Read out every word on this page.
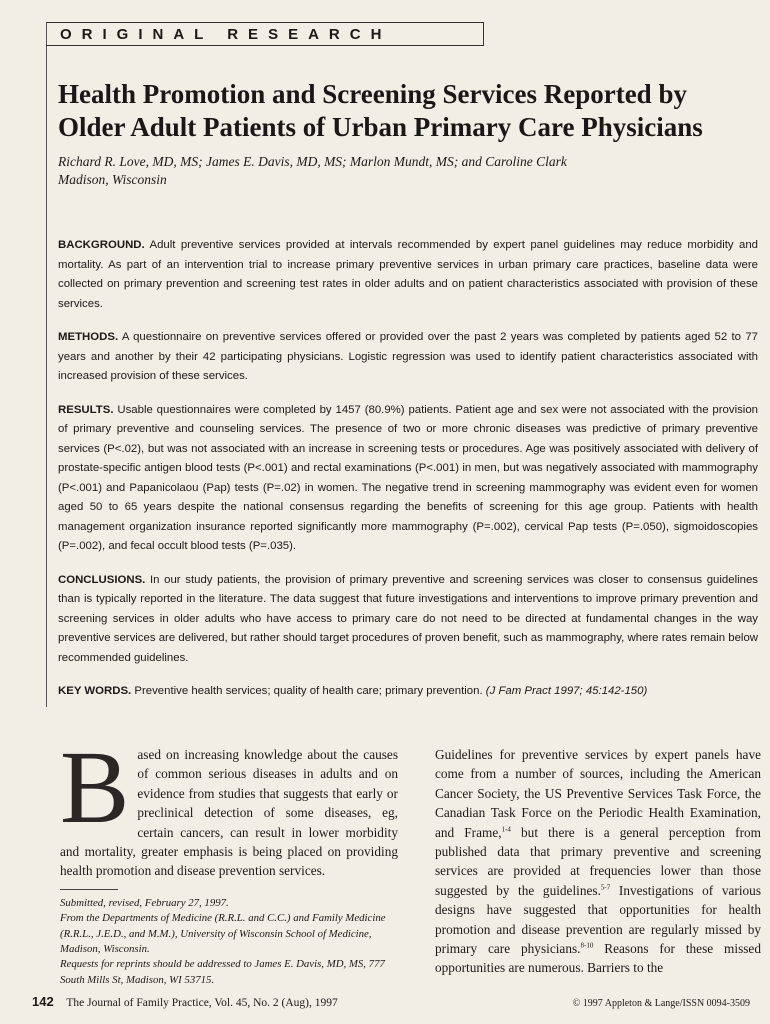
ORIGINAL RESEARCH
Health Promotion and Screening Services Reported by Older Adult Patients of Urban Primary Care Physicians
Richard R. Love, MD, MS; James E. Davis, MD, MS; Marlon Mundt, MS; and Caroline Clark
Madison, Wisconsin

BACKGROUND. Adult preventive services provided at intervals recommended by expert panel guidelines may reduce morbidity and mortality. As part of an intervention trial to increase primary preventive services in urban primary care practices, baseline data were collected on primary prevention and screening test rates in older adults and on patient characteristics associated with provision of these services.

METHODS. A questionnaire on preventive services offered or provided over the past 2 years was completed by patients aged 52 to 77 years and another by their 42 participating physicians. Logistic regression was used to identify patient characteristics associated with increased provision of these services.

RESULTS. Usable questionnaires were completed by 1457 (80.9%) patients. Patient age and sex were not associated with the provision of primary preventive and counseling services. The presence of two or more chronic diseases was predictive of primary preventive services (P<.02), but was not associated with an increase in screening tests or procedures. Age was positively associated with delivery of prostate-specific antigen blood tests (P<.001) and rectal examinations (P<.001) in men, but was negatively associated with mammography (P<.001) and Papanicolaou (Pap) tests (P=.02) in women. The negative trend in screening mammography was evident even for women aged 50 to 65 years despite the national consensus regarding the benefits of screening for this age group. Patients with health management organization insurance reported significantly more mammography (P=.002), cervical Pap tests (P=.050), sigmoidoscopies (P=.002), and fecal occult blood tests (P=.035).

CONCLUSIONS. In our study patients, the provision of primary preventive and screening services was closer to consensus guidelines than is typically reported in the literature. The data suggest that future investigations and interventions to improve primary prevention and screening services in older adults who have access to primary care do not need to be directed at fundamental changes in the way preventive services are delivered, but rather should target procedures of proven benefit, such as mammography, where rates remain below recommended guidelines.

KEY WORDS. Preventive health services; quality of health care; primary prevention. (J Fam Pract 1997; 45:142-150)

Based on increasing knowledge about the causes of common serious diseases in adults and on evidence from studies that suggests that early or preclinical detection of some diseases, eg, certain cancers, can result in lower morbidity and mortality, greater emphasis is being placed on providing health promotion and disease prevention services.

Submitted, revised, February 27, 1997.
From the Departments of Medicine (R.R.L. and C.C.) and Family Medicine (R.R.L., J.E.D., and M.M.), University of Wisconsin School of Medicine, Madison, Wisconsin.
Requests for reprints should be addressed to James E. Davis, MD, MS, 777 South Mills St, Madison, WI 53715.

Guidelines for preventive services by expert panels have come from a number of sources, including the American Cancer Society, the US Preventive Services Task Force, the Canadian Task Force on the Periodic Health Examination, and Frame,$^{1-4}$ but there is a general perception from published data that primary preventive and screening services are provided at frequencies lower than those suggested by the guidelines.$^{5-7}$ Investigations of various designs have suggested that opportunities for health promotion and disease prevention are regularly missed by primary care physicians.$^{8-10}$ Reasons for these missed opportunities are numerous. Barriers to the

142 The Journal of Family Practice, Vol. 45, No. 2 (Aug), 1997	© 1997 Appleton & Lange/ISSN 0094-3509
